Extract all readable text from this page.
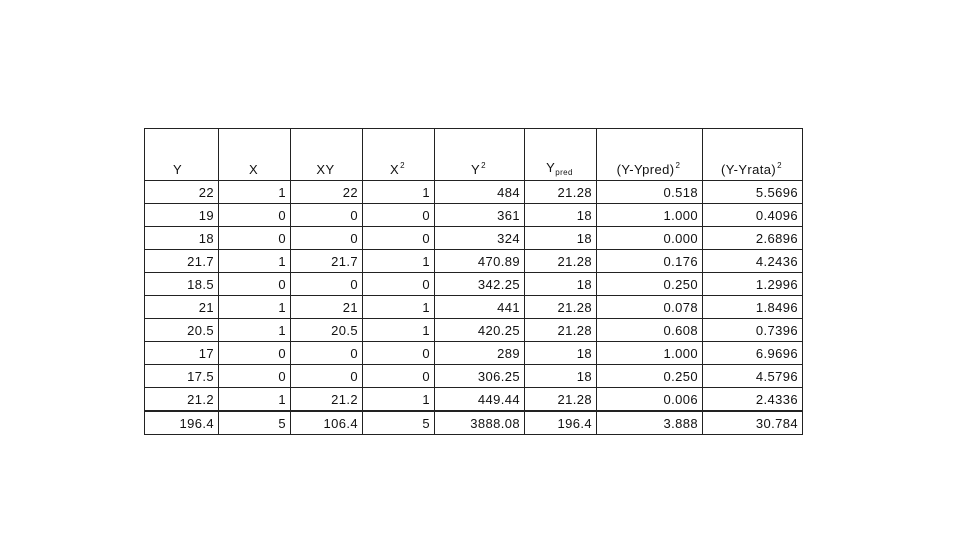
Y	X	XY	$X^2$	$Y^2$	$Y_{pred}$	(Y-Ypred)$^2$	(Y-Yrata)$^2$
22	1	22	1	484	21.28	0.518	5.5696
19	0	0	0	361	18	1.000	0.4096
18	0	0	0	324	18	0.000	2.6896
21.7	1	21.7	1	470.89	21.28	0.176	4.2436
18.5	0	0	0	342.25	18	0.250	1.2996
21	1	21	1	441	21.28	0.078	1.8496
20.5	1	20.5	1	420.25	21.28	0.608	0.7396
17	0	0	0	289	18	1.000	6.9696
17.5	0	0	0	306.25	18	0.250	4.5796
21.2	1	21.2	1	449.44	21.28	0.006	2.4336
196.4	5	106.4	5	3888.08	196.4	3.888	30.784
